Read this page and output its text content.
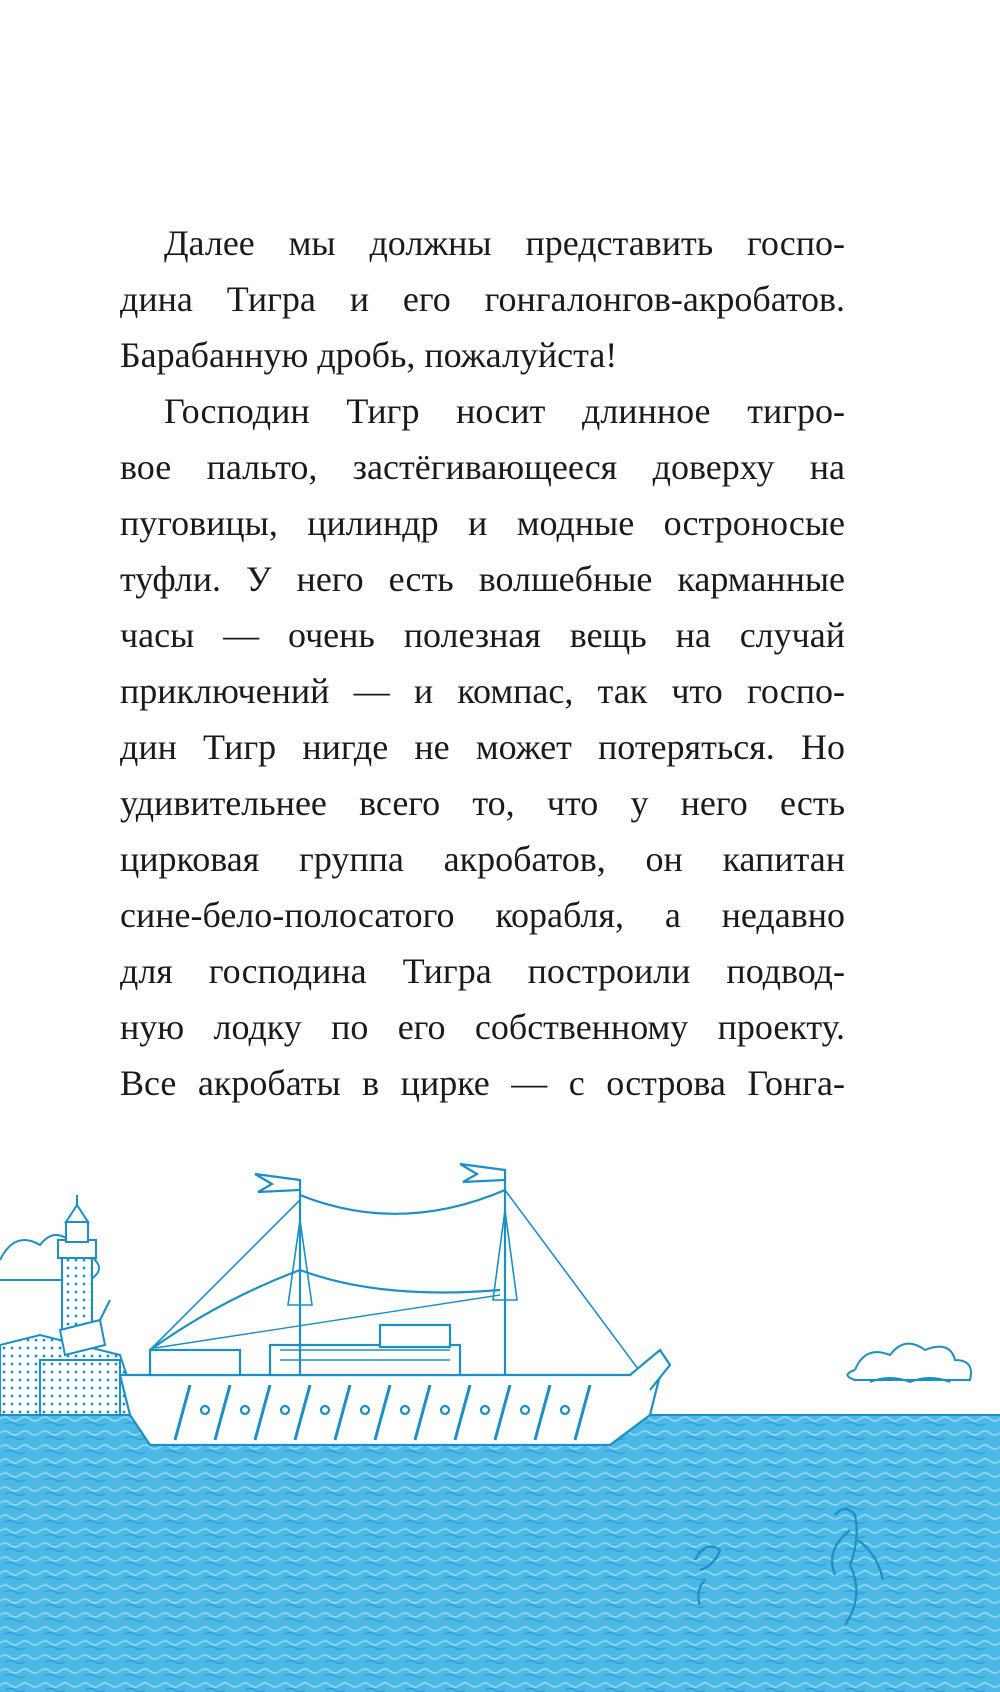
Далее мы должны представить госпо-
дина Тигра и его гонгалонгов-акробатов.
Барабанную дробь, пожалуйста!
Господин Тигр носит длинное тигро-
вое пальто, застёгивающееся доверху на
пуговицы, цилиндр и модные остроносые
туфли. У него есть волшебные карманные
часы — очень полезная вещь на случай
приключений — и компас, так что госпо-
дин Тигр нигде не может потеряться. Но
удивительнее всего то, что у него есть
цирковая группа акробатов, он капитан
сине-бело-полосатого корабля, а недавно
для господина Тигра построили подвод-
ную лодку по его собственному проекту.
Все акробаты в цирке — с острова Гонга-
